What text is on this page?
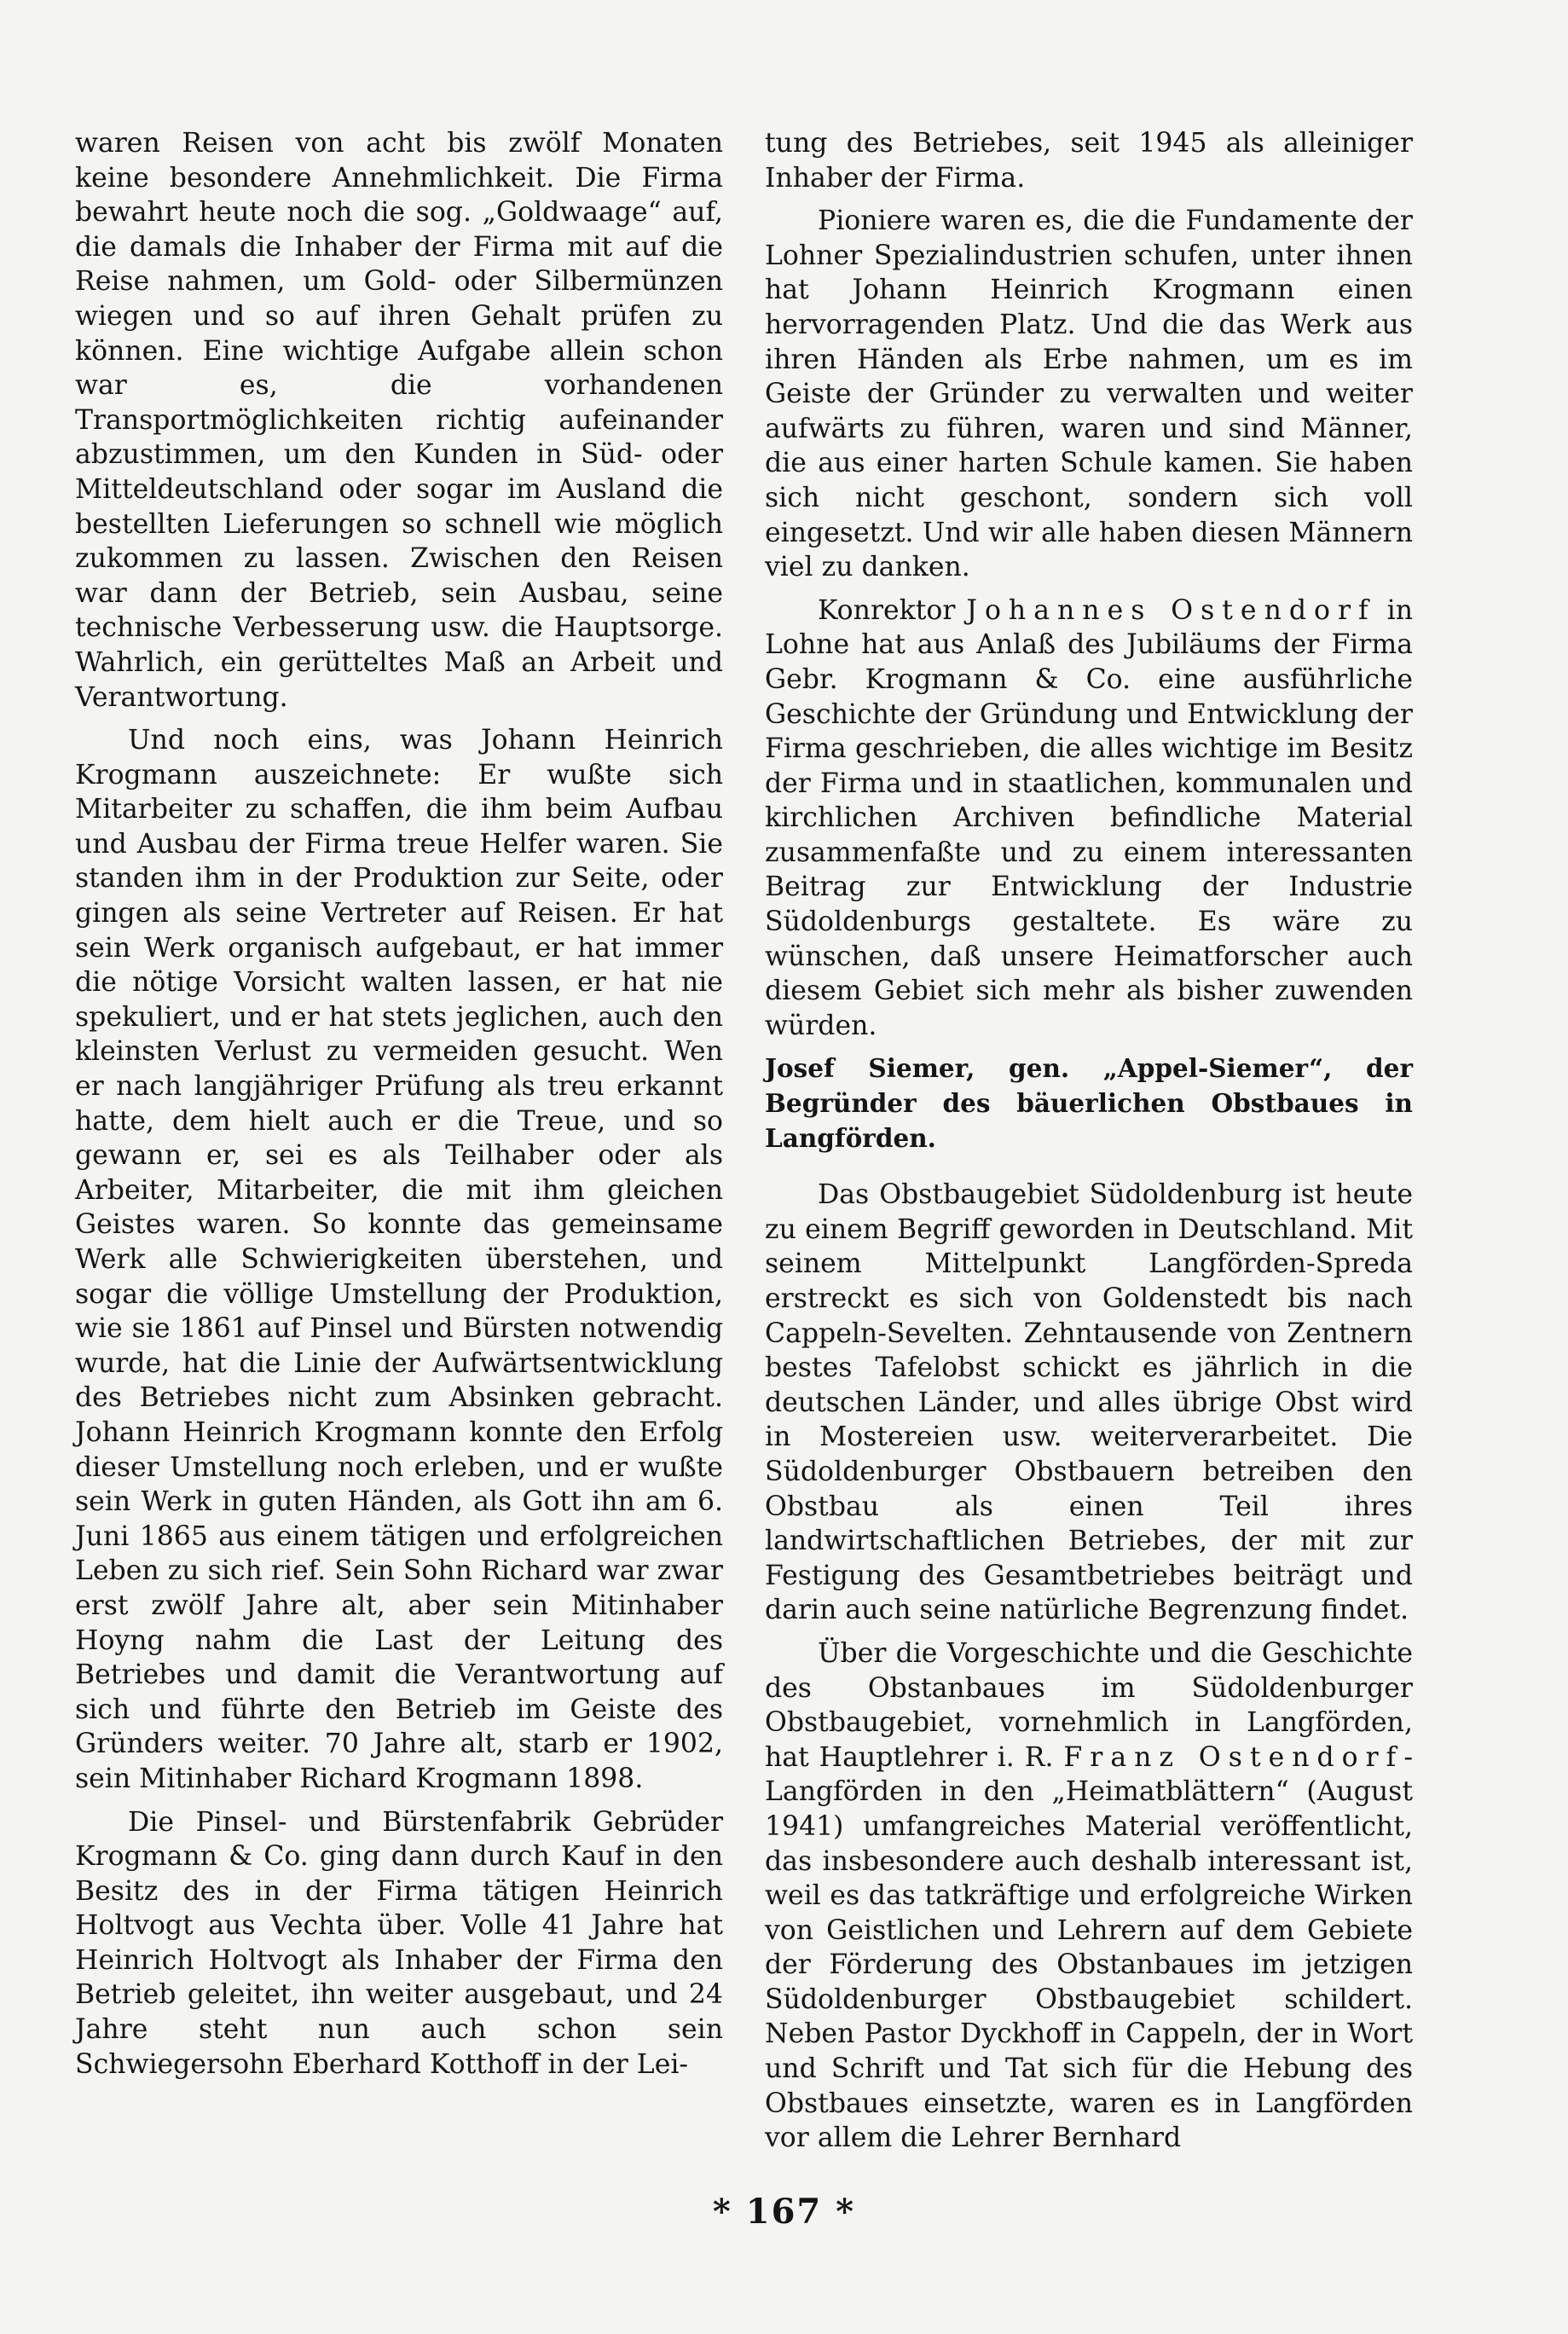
waren Reisen von acht bis zwölf Monaten keine besondere Annehmlichkeit. Die Firma bewahrt heute noch die sog. „Goldwaage“ auf, die damals die Inhaber der Firma mit auf die Reise nahmen, um Gold- oder Silbermünzen wiegen und so auf ihren Gehalt prüfen zu können. Eine wichtige Aufgabe allein schon war es, die vorhandenen Transportmöglichkeiten richtig aufeinander abzustimmen, um den Kunden in Süd- oder Mitteldeutschland oder sogar im Ausland die bestellten Lieferungen so schnell wie möglich zukommen zu lassen. Zwischen den Reisen war dann der Betrieb, sein Ausbau, seine technische Verbesserung usw. die Hauptsorge. Wahrlich, ein gerütteltes Maß an Arbeit und Verantwortung.

Und noch eins, was Johann Heinrich Krogmann auszeichnete: Er wußte sich Mitarbeiter zu schaffen, die ihm beim Aufbau und Ausbau der Firma treue Helfer waren. Sie standen ihm in der Produktion zur Seite, oder gingen als seine Vertreter auf Reisen. Er hat sein Werk organisch aufgebaut, er hat immer die nötige Vorsicht walten lassen, er hat nie spekuliert, und er hat stets jeglichen, auch den kleinsten Verlust zu vermeiden gesucht. Wen er nach langjähriger Prüfung als treu erkannt hatte, dem hielt auch er die Treue, und so gewann er, sei es als Teilhaber oder als Arbeiter, Mitarbeiter, die mit ihm gleichen Geistes waren. So konnte das gemeinsame Werk alle Schwierigkeiten überstehen, und sogar die völlige Umstellung der Produktion, wie sie 1861 auf Pinsel und Bürsten notwendig wurde, hat die Linie der Aufwärtsentwicklung des Betriebes nicht zum Absinken gebracht. Johann Heinrich Krogmann konnte den Erfolg dieser Umstellung noch erleben, und er wußte sein Werk in guten Händen, als Gott ihn am 6. Juni 1865 aus einem tätigen und erfolgreichen Leben zu sich rief. Sein Sohn Richard war zwar erst zwölf Jahre alt, aber sein Mitinhaber Hoyng nahm die Last der Leitung des Betriebes und damit die Verantwortung auf sich und führte den Betrieb im Geiste des Gründers weiter. 70 Jahre alt, starb er 1902, sein Mitinhaber Richard Krogmann 1898.

Die Pinsel- und Bürstenfabrik Gebrüder Krogmann & Co. ging dann durch Kauf in den Besitz des in der Firma tätigen Heinrich Holtvogt aus Vechta über. Volle 41 Jahre hat Heinrich Holtvogt als Inhaber der Firma den Betrieb geleitet, ihn weiter ausgebaut, und 24 Jahre steht nun auch schon sein Schwiegersohn Eberhard Kotthoff in der Lei-

tung des Betriebes, seit 1945 als alleiniger Inhaber der Firma.

Pioniere waren es, die die Fundamente der Lohner Spezialindustrien schufen, unter ihnen hat Johann Heinrich Krogmann einen hervorragenden Platz. Und die das Werk aus ihren Händen als Erbe nahmen, um es im Geiste der Gründer zu verwalten und weiter aufwärts zu führen, waren und sind Männer, die aus einer harten Schule kamen. Sie haben sich nicht geschont, sondern sich voll eingesetzt. Und wir alle haben diesen Männern viel zu danken.

Konrektor Johannes Ostendorf in Lohne hat aus Anlaß des Jubiläums der Firma Gebr. Krogmann & Co. eine ausführliche Geschichte der Gründung und Entwicklung der Firma geschrieben, die alles wichtige im Besitz der Firma und in staatlichen, kommunalen und kirchlichen Archiven befindliche Material zusammenfaßte und zu einem interessanten Beitrag zur Entwicklung der Industrie Südoldenburgs gestaltete. Es wäre zu wünschen, daß unsere Heimatforscher auch diesem Gebiet sich mehr als bisher zuwenden würden.

Josef Siemer, gen. „Appel-Siemer“, der Begründer des bäuerlichen Obstbaues in Langförden.

Das Obstbaugebiet Südoldenburg ist heute zu einem Begriff geworden in Deutschland. Mit seinem Mittelpunkt Langförden-Spreda erstreckt es sich von Goldenstedt bis nach Cappeln-Sevelten. Zehntausende von Zentnern bestes Tafelobst schickt es jährlich in die deutschen Länder, und alles übrige Obst wird in Mostereien usw. weiterverarbeitet. Die Südoldenburger Obstbauern betreiben den Obstbau als einen Teil ihres landwirtschaftlichen Betriebes, der mit zur Festigung des Gesamtbetriebes beiträgt und darin auch seine natürliche Begrenzung findet.

Über die Vorgeschichte und die Geschichte des Obstanbaues im Südoldenburger Obstbaugebiet, vornehmlich in Langförden, hat Hauptlehrer i. R. Franz Ostendorf-Langförden in den „Heimatblättern“ (August 1941) umfangreiches Material veröffentlicht, das insbesondere auch deshalb interessant ist, weil es das tatkräftige und erfolgreiche Wirken von Geistlichen und Lehrern auf dem Gebiete der Förderung des Obstanbaues im jetzigen Südoldenburger Obstbaugebiet schildert. Neben Pastor Dyckhoff in Cappeln, der in Wort und Schrift und Tat sich für die Hebung des Obstbaues einsetzte, waren es in Langförden vor allem die Lehrer Bernhard

* 167 *
